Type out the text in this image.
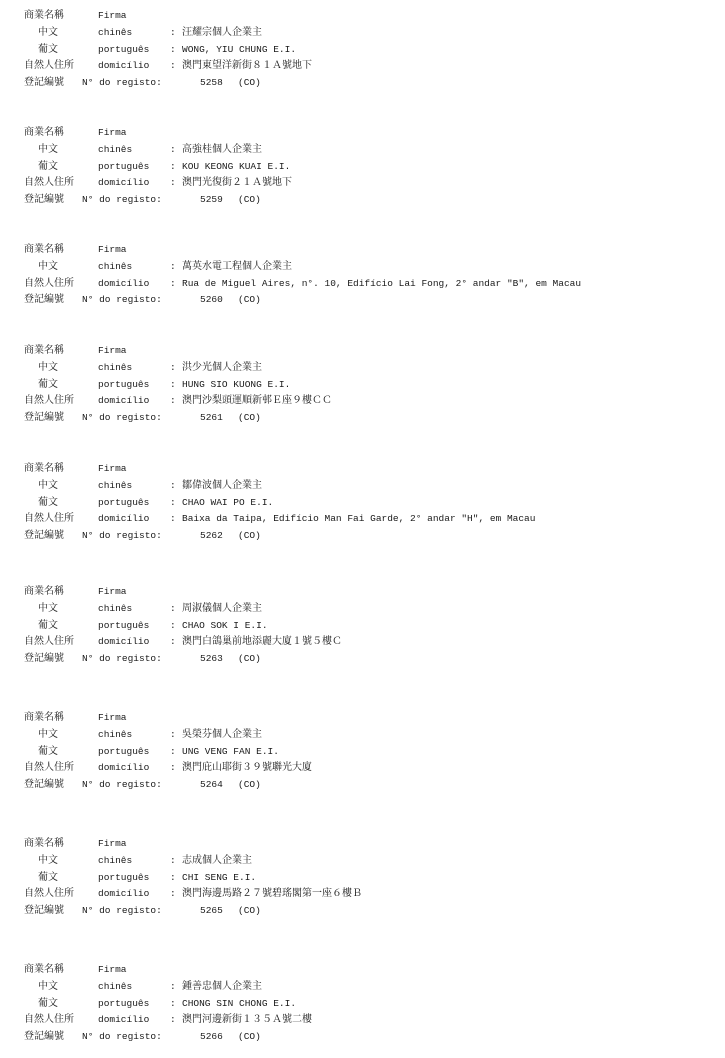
商業名稱	Firma
中文	chinês	: 汪耀宗個人企業主
葡文	português : WONG, YIU CHUNG E.I.
自然人住所	domicílio : 澳門東望洋新街８１Ａ號地下
登記編號 N° do registo:	5258 (CO)
商業名稱	Firma
中文	chinês	: 高強桂個人企業主
葡文	português : KOU KEONG KUAI E.I.
自然人住所	domicílio : 澳門光復街２１Ａ號地下
登記編號 N° do registo:	5259 (CO)
商業名稱	Firma
中文	chinês	: 萬英水電工程個人企業主
自然人住所	domicílio : Rua de Miguel Aires, n°. 10, Edifício Lai Fong, 2° andar "B", em Macau
登記編號 N° do registo:	5260 (CO)
商業名稱	Firma
中文	chinês	: 洪少光個人企業主
葡文	português : HUNG SIO KUONG E.I.
自然人住所	domicílio : 澳門沙梨頭運順新邨Ｅ座９樓ＣＣ
登記編號 N° do registo:	5261 (CO)
商業名稱	Firma
中文	chinês	: 鄒偉波個人企業主
葡文	português : CHAO WAI PO E.I.
自然人住所	domicílio : Baixa da Taipa, Edifício Man Fai Garde, 2° andar "H", em Macau
登記編號 N° do registo:	5262 (CO)
商業名稱	Firma
中文	chinês	: 周淑儀個人企業主
葡文	português : CHAO SOK I E.I.
自然人住所	domicílio : 澳門白鴿巢前地添麗大廈１號５樓Ｃ
登記編號 N° do registo:	5263 (CO)
商業名稱	Firma
中文	chinês	: 吳榮芬個人企業主
葡文	português : UNG VENG FAN E.I.
自然人住所	domicílio : 澳門庇山耶街３９號聯光大廈
登記編號 N° do registo:	5264 (CO)
商業名稱	Firma
中文	chinês	: 志成個人企業主
葡文	português : CHI SENG E.I.
自然人住所	domicílio : 澳門海邊馬路２７號碧瑤閣第一座６樓Ｂ
登記編號 N° do registo:	5265 (CO)
商業名稱	Firma
中文	chinês	: 鍾善忠個人企業主
葡文	português : CHONG SIN CHONG E.I.
自然人住所	domicílio : 澳門河邊新街１３５Ａ號二樓
登記編號 N° do registo:	5266 (CO)
